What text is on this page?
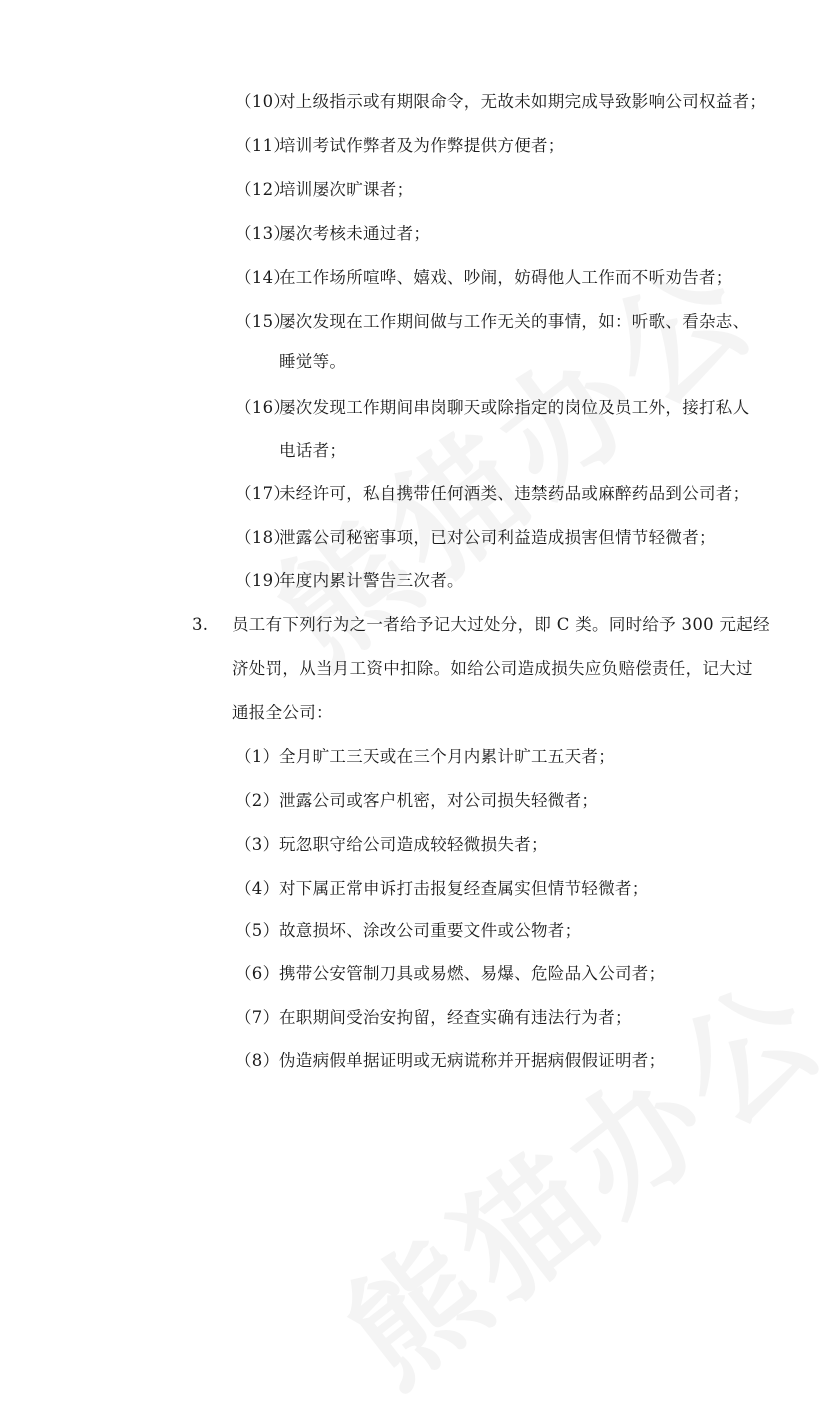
（10）对上级指示或有期限命令，无故未如期完成导致影响公司权益者；
（11）培训考试作弊者及为作弊提供方便者；
（12）培训屡次旷课者；
（13）屡次考核未通过者；
（14）在工作场所喧哗、嬉戏、吵闹，妨碍他人工作而不听劝告者；
（15）屡次发现在工作期间做与工作无关的事情，如：听歌、看杂志、
睡觉等。
（16）屡次发现工作期间串岗聊天或除指定的岗位及员工外，接打私人
电话者；
（17）未经许可，私自携带任何酒类、违禁药品或麻醉药品到公司者；
（18）泄露公司秘密事项，已对公司利益造成损害但情节轻微者；
（19）年度内累计警告三次者。
3. 员工有下列行为之一者给予记大过处分，即 C 类。同时给予 300 元起经
济处罚，从当月工资中扣除。如给公司造成损失应负赔偿责任，记大过
通报全公司：
（1）全月旷工三天或在三个月内累计旷工五天者；
（2）泄露公司或客户机密，对公司损失轻微者；
（3）玩忽职守给公司造成较轻微损失者；
（4）对下属正常申诉打击报复经查属实但情节轻微者；
（5）故意损坏、涂改公司重要文件或公物者；
（6）携带公安管制刀具或易燃、易爆、危险品入公司者；
（7）在职期间受治安拘留，经查实确有违法行为者；
（8）伪造病假单据证明或无病谎称并开据病假假证明者；
